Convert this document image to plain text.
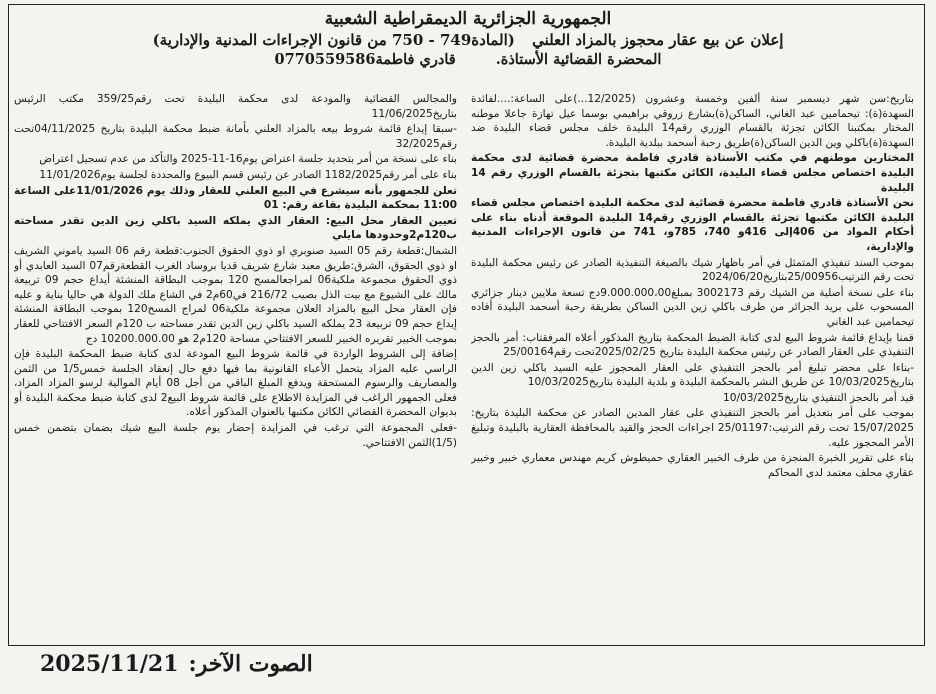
الجمهورية الجزائرية الديمقراطية الشعبية

إعلان عن بيع عقار محجوز بالمزاد العلني (المادة749 - 750 من قانون الإجراءات المدنية والإدارية)

المحضرة القضائية الأستاذة.
قادري فاطمة0770559586

بتاريخ:سن شهر ديسمبر سنة ألفين وخمسة وعشرون (12/2025...)على الساعة:....لفائدة السهدة(ة): تيحمامين عبد الغاني، الساكن(ة)بشارع زروقي براهيمي بوسما عيل تهازة جاعلا موطنه المختار بمكتبنا الكائن تجزئة بالقسام الوزري رقم14 البليدة خلف مجلس قضاء البليدة ضد السهدة(ة)باكلي وين الدين الساكن(ة)طريق رحبة أسحمد ببلدية البليدة.

المختارين موطنهم في مكتب الأستاذة قادري فاطمة محضرة قضائية لدى محكمة البليدة اختصاص مجلس قضاء البليدة، الكائن مكتبها بتجزئة بالقسام الوزري رقم 14 البليدة

نحن الأستاذة قادري فاطمة محضرة قضائية لدى محكمة البليدة اختصاص مجلس قضاء البليدة الكائن مكتبها تجزئة بالقسام الوزري رقم14 البليدة الموقعة أدناه بناء على أحكام المواد من 406إلى 416و 740، 785و، 741 من قانون الإجراءات المدنية والإدارية،

بموجب السند تنفيذي المتمثل في أمر باظهار شيك بالصيغة التنفيذية الصادر عن رئيس محكمة البليدة تحت رقم الترتيب25/00956بتاريخ2024/06/20

بناء على نسخة أصلية من الشيك رقم 3002173 بمبلغ9.000.000،00دج تسعة ملايين دينار جزائري المسحوب على بريد الجزائر من طرف باكلي زين الدين الساكن بطريقة رحبة أسحمد البليدة أفاده تيحمامين عبد الغاني

قمنا بإيداع قائمة شروط البيع لدى كتابة الضبط المحكمة بتاريخ المذكور أعلاه المرفقتاب: أمر بالحجز التنفيذي على العقار الصادر عن رئيس محكمة البليدة بتاريخ 2025/02/25تحت رقم25/00164

-بناءا على محضر تبليغ أمر بالحجز التنفيذي على العقار المحجوز عليه السيد باكلي زين الدين بتاريخ10/03/2025 عن طريق النشر بالمحكمة البليدة و بلدية البليدة بتاريخ10/03/2025

قيد أمر بالحجز التنفيذي بتاريخ10/03/2025

بموجب على أمر بتعديل أمر بالحجز التنفيذي على عقار المدين الصادر عن محكمة البليدة بتاريخ: 15/07/2025 تحت رقم الترتيب:25/01197 اجراءات الحجز والقيد بالمحافظة العقارية بالبليدة وتبليغ الأمر المحجوز عليه.

بناء على تقرير الخبرة المنجزة من طرف الخبير العقاري حميطوش كريم مهندس معماري خبير وخبير عقاري محلف معتمد لدى المحاكم

والمجالس القضائية والمودعة لدى محكمة البليدة تحت رقم359/25 مكتب الرئيس بتاريخ11/06/2025

-سبقا إيداع قائمة شروط بيعه بالمزاد العلني بأمانة ضبط محكمة البليدة بتاريخ 04/11/2025تحت رقم32/2025

بناء على نسخة من أمر بتحديد جلسة اعتراض يوم16-11-2025 والتأكد من عدم تسجيل اعتراض

بناء على أمر رقم1182/2025 الصادر عن رئيس قسم البيوع والمحددة لجلسة يوم11/01/2026

تعلن للجمهور بأنه سيشرع في البيع العلني للعقار وذلك يوم 11/01/2026على الساعة 11:00 بمحكمة البليدة بقاعة رقم: 01

تعيين العقار محل البيع: العقار الذي يملكه السيد باكلي زين الدين تقدر مساحته ب120م2وحدودها مايلي

الشمال:قطعة رقم 05 السيد صنوبري او ذوي الحقوق الجنوب:قطعة رقم 06 السيد ياموني الشريف او ذوي الحقوق، الشرق:طريق معبد شارع شريف قديا بروساد الغرب القطعةرقم07 السيد العابدي أو ذوي الحقوق مجموعة ملكية06 لمراجعالمسح 120 بموجب البطاقة المنشئة أيداع حجم 09 تربيعة مالك على الشيوع مع بيت الذل بصيب 216/72 في60م2 في الشاع ملك الدولة هي حاليا بناية و عليه فإن العقار محل البيع بالمزاد العلان مجموعة ملكية06 لمراج المسح120 بموجب البطاقة المنشئة إيداع حجم 09 تربيعة 23 يملكه السيد باكلي زين الدين تقدر مساحته ب 120م السعر الافتتاحي للعقار بموجب الخبير تقريره الخبير للسعر الافتتاحي مساحة 120م2 هو 10200.000.00 دج

إضافة إلى الشروط الواردة في قائمة شروط البيع المودعة لدى كتابة ضبط المحكمة البليدة فإن الراسي عليه المزاد يتحمل الأعباء القانونية بما فيها دفع حال إنعقاد الجلسة خمس1/5 من الثمن والمصاريف والرسوم المستحقة ويدفع المبلغ الباقي من أجل 08 أيام الموالية لرسو المزاد المزاد، فعلى الجمهور الراغب في المزايدة الاطلاع على قائمة شروط البيع2 لدى كتابة ضبط محكمة البليدة أو بديوان المحضرة القضائي الكائن مكتبها بالعنوان المذكور أعلاه.

-فعلى المجموعة التي ترغب في المزايدة إحضار يوم جلسة البيع شيك بضمان بتضمن خمس (1/5)الثمن الافتتاحي.

الصوت الآخر:
2025/11/21
